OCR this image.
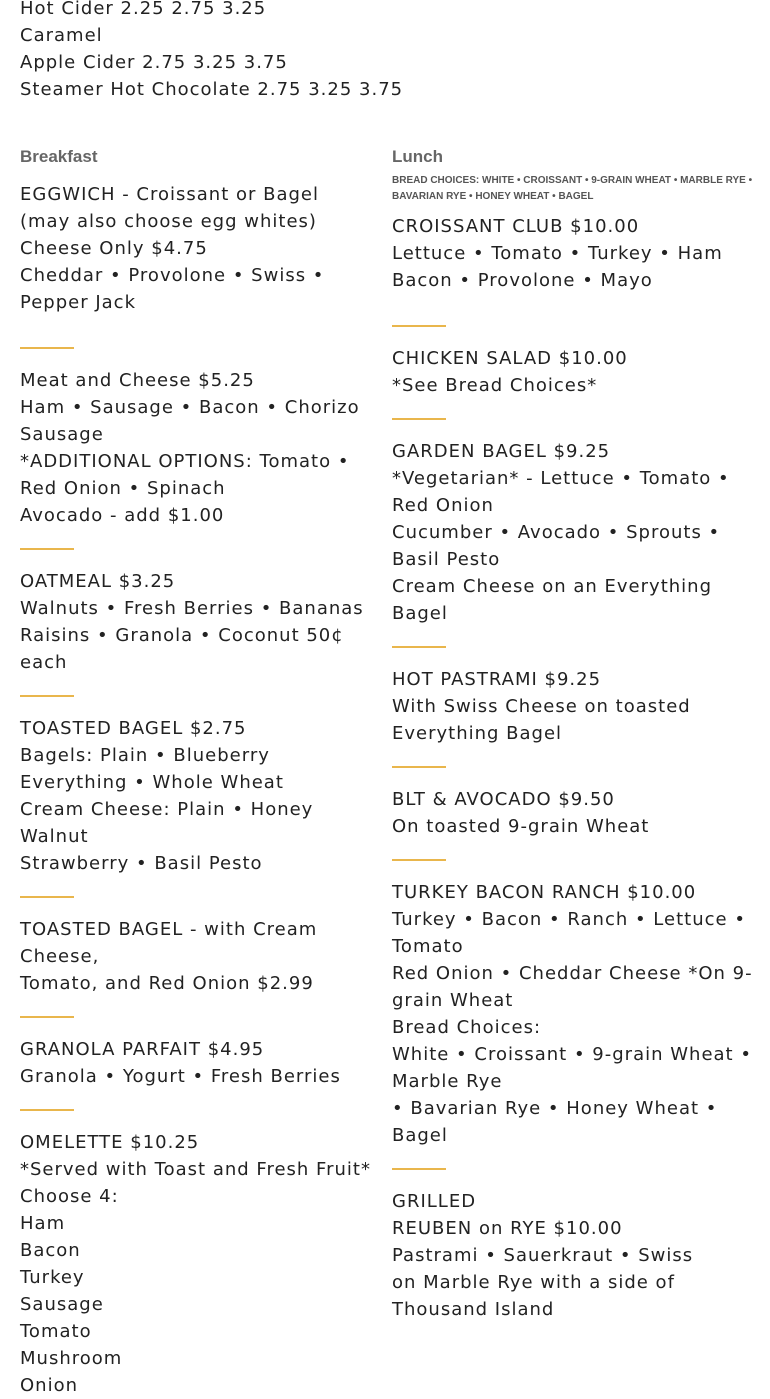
Hot Cider 2.25 2.75 3.25
Caramel
Apple Cider 2.75 3.25 3.75
Steamer Hot Chocolate 2.75 3.25 3.75
Breakfast
EGGWICH - Croissant or Bagel
(may also choose egg whites)
Cheese Only $4.75
Cheddar • Provolone • Swiss •
Pepper Jack
Meat and Cheese $5.25
Ham • Sausage • Bacon • Chorizo
Sausage
*ADDITIONAL OPTIONS: Tomato •
Red Onion • Spinach
Avocado - add $1.00
OATMEAL $3.25
Walnuts • Fresh Berries • Bananas
Raisins • Granola • Coconut 50¢ each
TOASTED BAGEL $2.75
Bagels: Plain • Blueberry
Everything • Whole Wheat
Cream Cheese: Plain • Honey Walnut
Strawberry • Basil Pesto
TOASTED BAGEL - with Cream
Cheese,
Tomato, and Red Onion $2.99
GRANOLA PARFAIT $4.95
Granola • Yogurt • Fresh Berries
OMELETTE $10.25
*Served with Toast and Fresh Fruit*
Choose 4:
Ham
Bacon
Turkey
Sausage
Tomato
Mushroom
Onion
Lunch
BREAD CHOICES: WHITE • CROISSANT • 9-GRAIN WHEAT • MARBLE RYE • BAVARIAN RYE • HONEY WHEAT • BAGEL
CROISSANT CLUB $10.00
Lettuce • Tomato • Turkey • Ham
Bacon • Provolone • Mayo
CHICKEN SALAD $10.00
*See Bread Choices*
GARDEN BAGEL $9.25
*Vegetarian* - Lettuce • Tomato •
Red Onion
Cucumber • Avocado • Sprouts •
Basil Pesto
Cream Cheese on an Everything
Bagel
HOT PASTRAMI $9.25
With Swiss Cheese on toasted
Everything Bagel
BLT & AVOCADO $9.50
On toasted 9-grain Wheat
TURKEY BACON RANCH $10.00
Turkey • Bacon • Ranch • Lettuce •
Tomato
Red Onion • Cheddar Cheese *On 9-
grain Wheat
Bread Choices:
White • Croissant • 9-grain Wheat •
Marble Rye
• Bavarian Rye • Honey Wheat •
Bagel
GRILLED
REUBEN on RYE $10.00
Pastrami • Sauerkraut • Swiss
on Marble Rye with a side of
Thousand Island
